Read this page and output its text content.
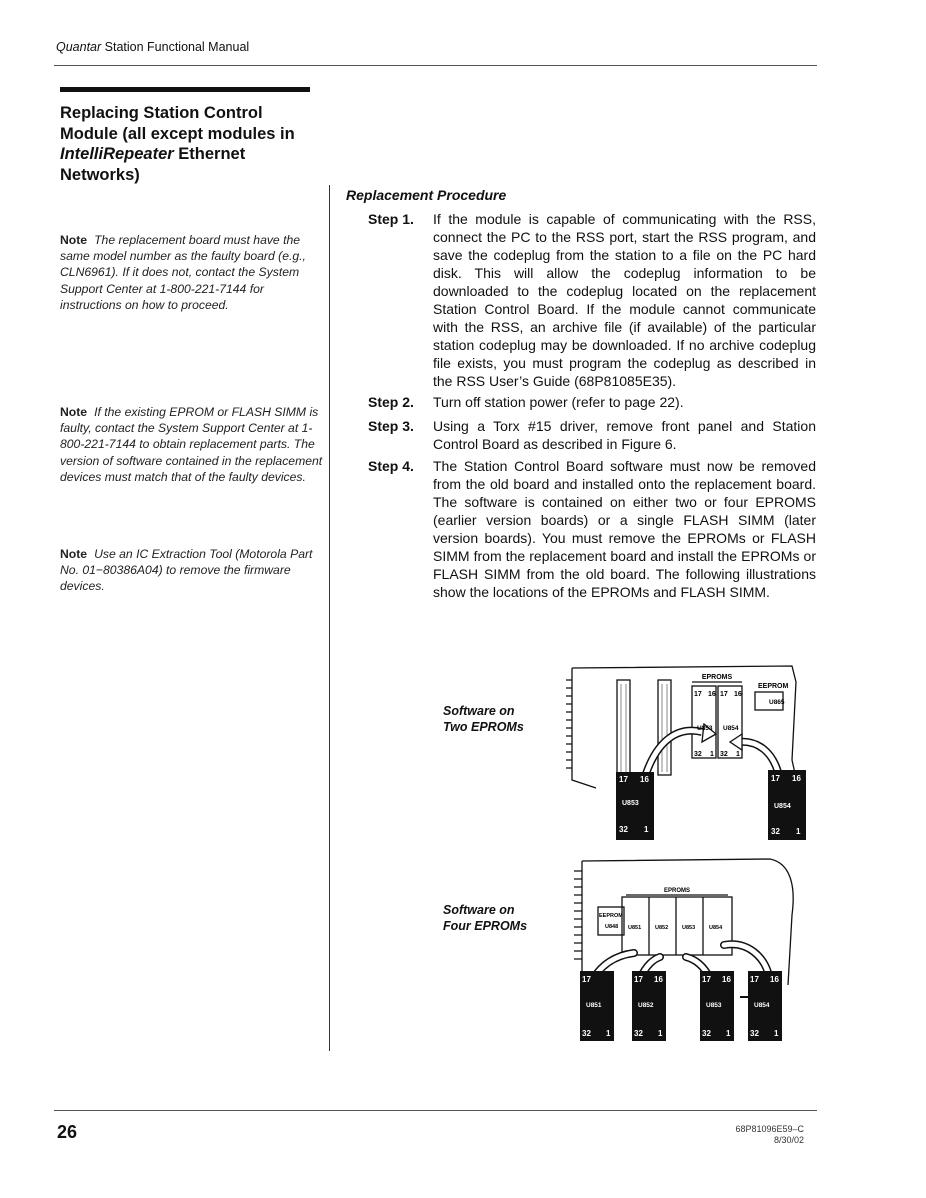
Quantar Station Functional Manual
Replacing Station Control Module (all except modules in IntelliRepeater Ethernet Networks)
Note The replacement board must have the same model number as the faulty board (e.g., CLN6961). If it does not, contact the System Support Center at 1-800-221-7144 for instructions on how to proceed.
Note If the existing EPROM or FLASH SIMM is faulty, contact the System Support Center at 1-800-221-7144 to obtain replacement parts. The version of software contained in the replacement devices must match that of the faulty devices.
Note Use an IC Extraction Tool (Motorola Part No. 01−80386A04) to remove the firmware devices.
Replacement Procedure
Step 1. If the module is capable of communicating with the RSS, connect the PC to the RSS port, start the RSS program, and save the codeplug from the station to a file on the PC hard disk. This will allow the codeplug information to be downloaded to the codeplug located on the replacement Station Control Board. If the module cannot communicate with the RSS, an archive file (if available) of the particular station codeplug may be downloaded. If no archive codeplug file exists, you must program the codeplug as described in the RSS User’s Guide (68P81085E35).
Step 2. Turn off station power (refer to page 22).
Step 3. Using a Torx #15 driver, remove front panel and Station Control Board as described in Figure 6.
Step 4. The Station Control Board software must now be removed from the old board and installed onto the replacement board. The software is contained on either two or four EPROMS (earlier version boards) or a single FLASH SIMM (later version boards). You must remove the EPROMs or FLASH SIMM from the replacement board and install the EPROMs or FLASH SIMM from the old board. The following illustrations show the locations of the EPROMs and FLASH SIMM.
Software on
Two EPROMs
EPROMS
EEPROM
U865
17 16 17 16
U853 U854
32 1 32 1
17 16
U853
32 1
17 16
U854
32 1
Software on
Four EPROMs
EPROMS
EEPROM
U848 U851	U852	U853	U854
17
U851
32 1
17 16
U852
32 1
17 16
U853
32 1
17 16
U854
32 1
26	68P81096E59–C
8/30/02
